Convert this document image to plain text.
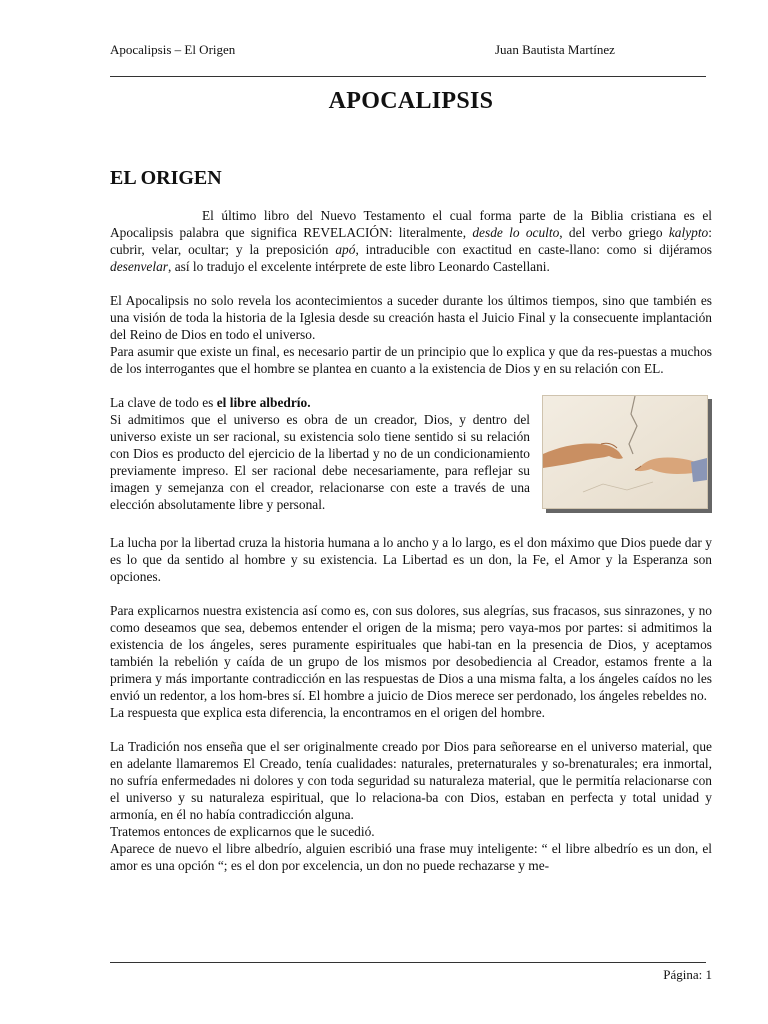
Apocalipsis – El Origen	Juan Bautista Martínez
APOCALIPSIS
EL ORIGEN

El último libro del Nuevo Testamento el cual forma parte de la Biblia cristiana es el Apocalipsis palabra que significa REVELACIÓN: literalmente, desde lo oculto, del verbo griego kalypto: cubrir, velar, ocultar; y la preposición apó, intraducible con exactitud en caste-llano: como si dijéramos desenvelar, así lo tradujo el excelente intérprete de este libro Leonardo Castellani.

El Apocalipsis no solo revela los acontecimientos a suceder durante los últimos tiempos, sino que también es una visión de toda la historia de la Iglesia desde su creación hasta el Juicio Final y la consecuente implantación del Reino de Dios en todo el universo.

Para asumir que existe un final, es necesario partir de un principio que lo explica y que da res-puestas a muchos de los interrogantes que el hombre se plantea en cuanto a la existencia de Dios y en su relación con EL.

La clave de todo es el libre albedrío.

Si admitimos que el universo es obra de un creador, Dios, y dentro del universo existe un ser racional, su existencia solo tiene sentido si su relación con Dios es producto del ejercicio de la libertad y no de un condicionamiento previamente impreso. El ser racional debe necesariamente, para reflejar su imagen y semejanza con el creador, relacionarse con este a través de una elección absolutamente libre y personal.

La lucha por la libertad cruza la historia humana a lo ancho y a lo largo, es el don máximo que Dios puede dar y es lo que da sentido al hombre y su existencia. La Libertad es un don, la Fe, el Amor y la Esperanza son opciones.

Para explicarnos nuestra existencia así como es, con sus dolores, sus alegrías, sus fracasos, sus sinrazones, y no como deseamos que sea, debemos entender el origen de la misma; pero vaya-mos por partes: si admitimos la existencia de los ángeles, seres puramente espirituales que habi-tan en la presencia de Dios, y aceptamos también la rebelión y caída de un grupo de los mismos por desobediencia al Creador, estamos frente a la primera y más importante contradicción en las respuestas de Dios a una misma falta, a los ángeles caídos no les envió un redentor, a los hom-bres sí. El hombre a juicio de Dios merece ser perdonado, los ángeles rebeldes no.

La respuesta que explica esta diferencia, la encontramos en el origen del hombre.

La Tradición nos enseña que el ser originalmente creado por Dios para señorearse en el universo material, que en adelante llamaremos El Creado, tenía cualidades: naturales, preternaturales y so-brenaturales; era inmortal, no sufría enfermedades ni dolores y con toda seguridad su naturaleza material, que le permitía relacionarse con el universo y su naturaleza espiritual, que lo relaciona-ba con Dios, estaban en perfecta y total unidad y armonía, en él no había contradicción alguna.

Tratemos entonces de explicarnos que le sucedió.

Aparece de nuevo el libre albedrío, alguien escribió una frase muy inteligente: “ el libre albedrío es un don, el amor es una opción “; es el don por excelencia, un don no puede rechazarse y me-

Página: 1
